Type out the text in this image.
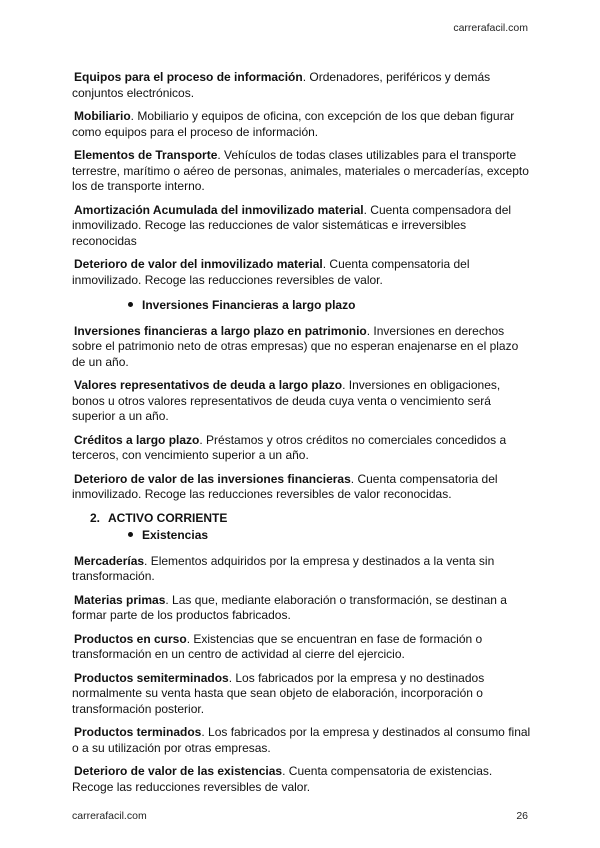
carrerafacil.com

Equipos para el proceso de información. Ordenadores, periféricos y demás conjuntos electrónicos.

Mobiliario. Mobiliario y equipos de oficina, con excepción de los que deban figurar como equipos para el proceso de información.

Elementos de Transporte. Vehículos de todas clases utilizables para el transporte terrestre, marítimo o aéreo de personas, animales, materiales o mercaderías, excepto los de transporte interno.

Amortización Acumulada del inmovilizado material. Cuenta compensadora del inmovilizado. Recoge las reducciones de valor sistemáticas e irreversibles reconocidas

Deterioro de valor del inmovilizado material. Cuenta compensatoria del inmovilizado. Recoge las reducciones reversibles de valor.

Inversiones Financieras a largo plazo

Inversiones financieras a largo plazo en patrimonio. Inversiones en derechos sobre el patrimonio neto de otras empresas) que no esperan enajenarse en el plazo de un año.

Valores representativos de deuda a largo plazo. Inversiones en obligaciones, bonos u otros valores representativos de deuda cuya venta o vencimiento será superior a un año.

Créditos a largo plazo. Préstamos y otros créditos no comerciales concedidos a terceros, con vencimiento superior a un año.

Deterioro de valor de las inversiones financieras. Cuenta compensatoria del inmovilizado. Recoge las reducciones reversibles de valor reconocidas.

2. ACTIVO CORRIENTE
Existencias

Mercaderías. Elementos adquiridos por la empresa y destinados a la venta sin transformación.

Materias primas. Las que, mediante elaboración o transformación, se destinan a formar parte de los productos fabricados.

Productos en curso. Existencias que se encuentran en fase de formación o transformación en un centro de actividad al cierre del ejercicio.

Productos semiterminados. Los fabricados por la empresa y no destinados normalmente su venta hasta que sean objeto de elaboración, incorporación o transformación posterior.

Productos terminados. Los fabricados por la empresa y destinados al consumo final o a su utilización por otras empresas.

Deterioro de valor de las existencias. Cuenta compensatoria de existencias. Recoge las reducciones reversibles de valor.

carrerafacil.com	26
